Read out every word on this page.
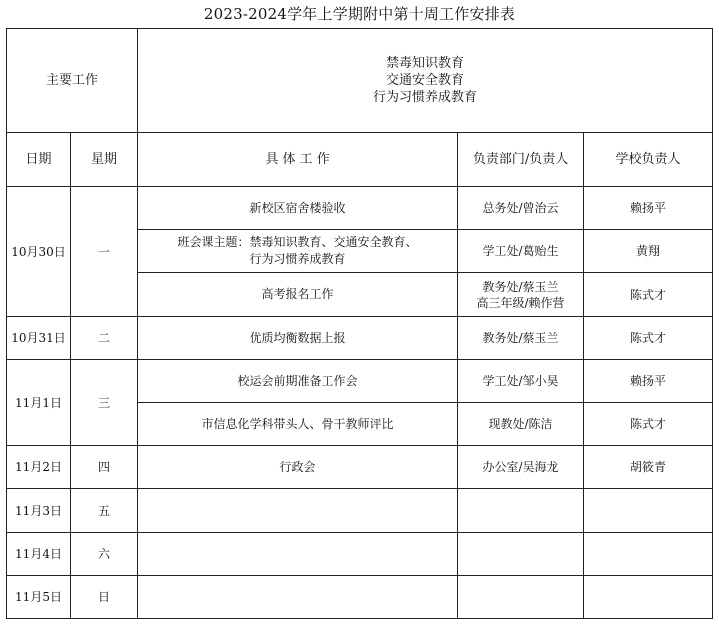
2023-2024学年上学期附中第十周工作安排表
主要工作		禁毒知识教育
交通安全教育
行为习惯养成教育		

日期	星期	具 体 工 作	负责部门/负责人	学校负责人
10月30日	一	新校区宿舍楼验收	总务处/曾治云	赖扬平

		班会课主题：禁毒知识教育、交通安全教育、
行为习惯养成教育	学工处/葛贻生	黄翔
		高考报名工作	教务处/蔡玉兰
高三年级/赖作营	陈式才
10月31日	二	优质均衡数据上报	教务处/蔡玉兰	陈式才
11月1日	三	校运会前期准备工作会	学工处/邹小昊	赖扬平
		市信息化学科带头人、骨干教师评比	现教处/陈洁	陈式才
11月2日	四	行政会	办公室/吴海龙	胡筱青
11月3日	五			
11月4日	六			
11月5日	日			
